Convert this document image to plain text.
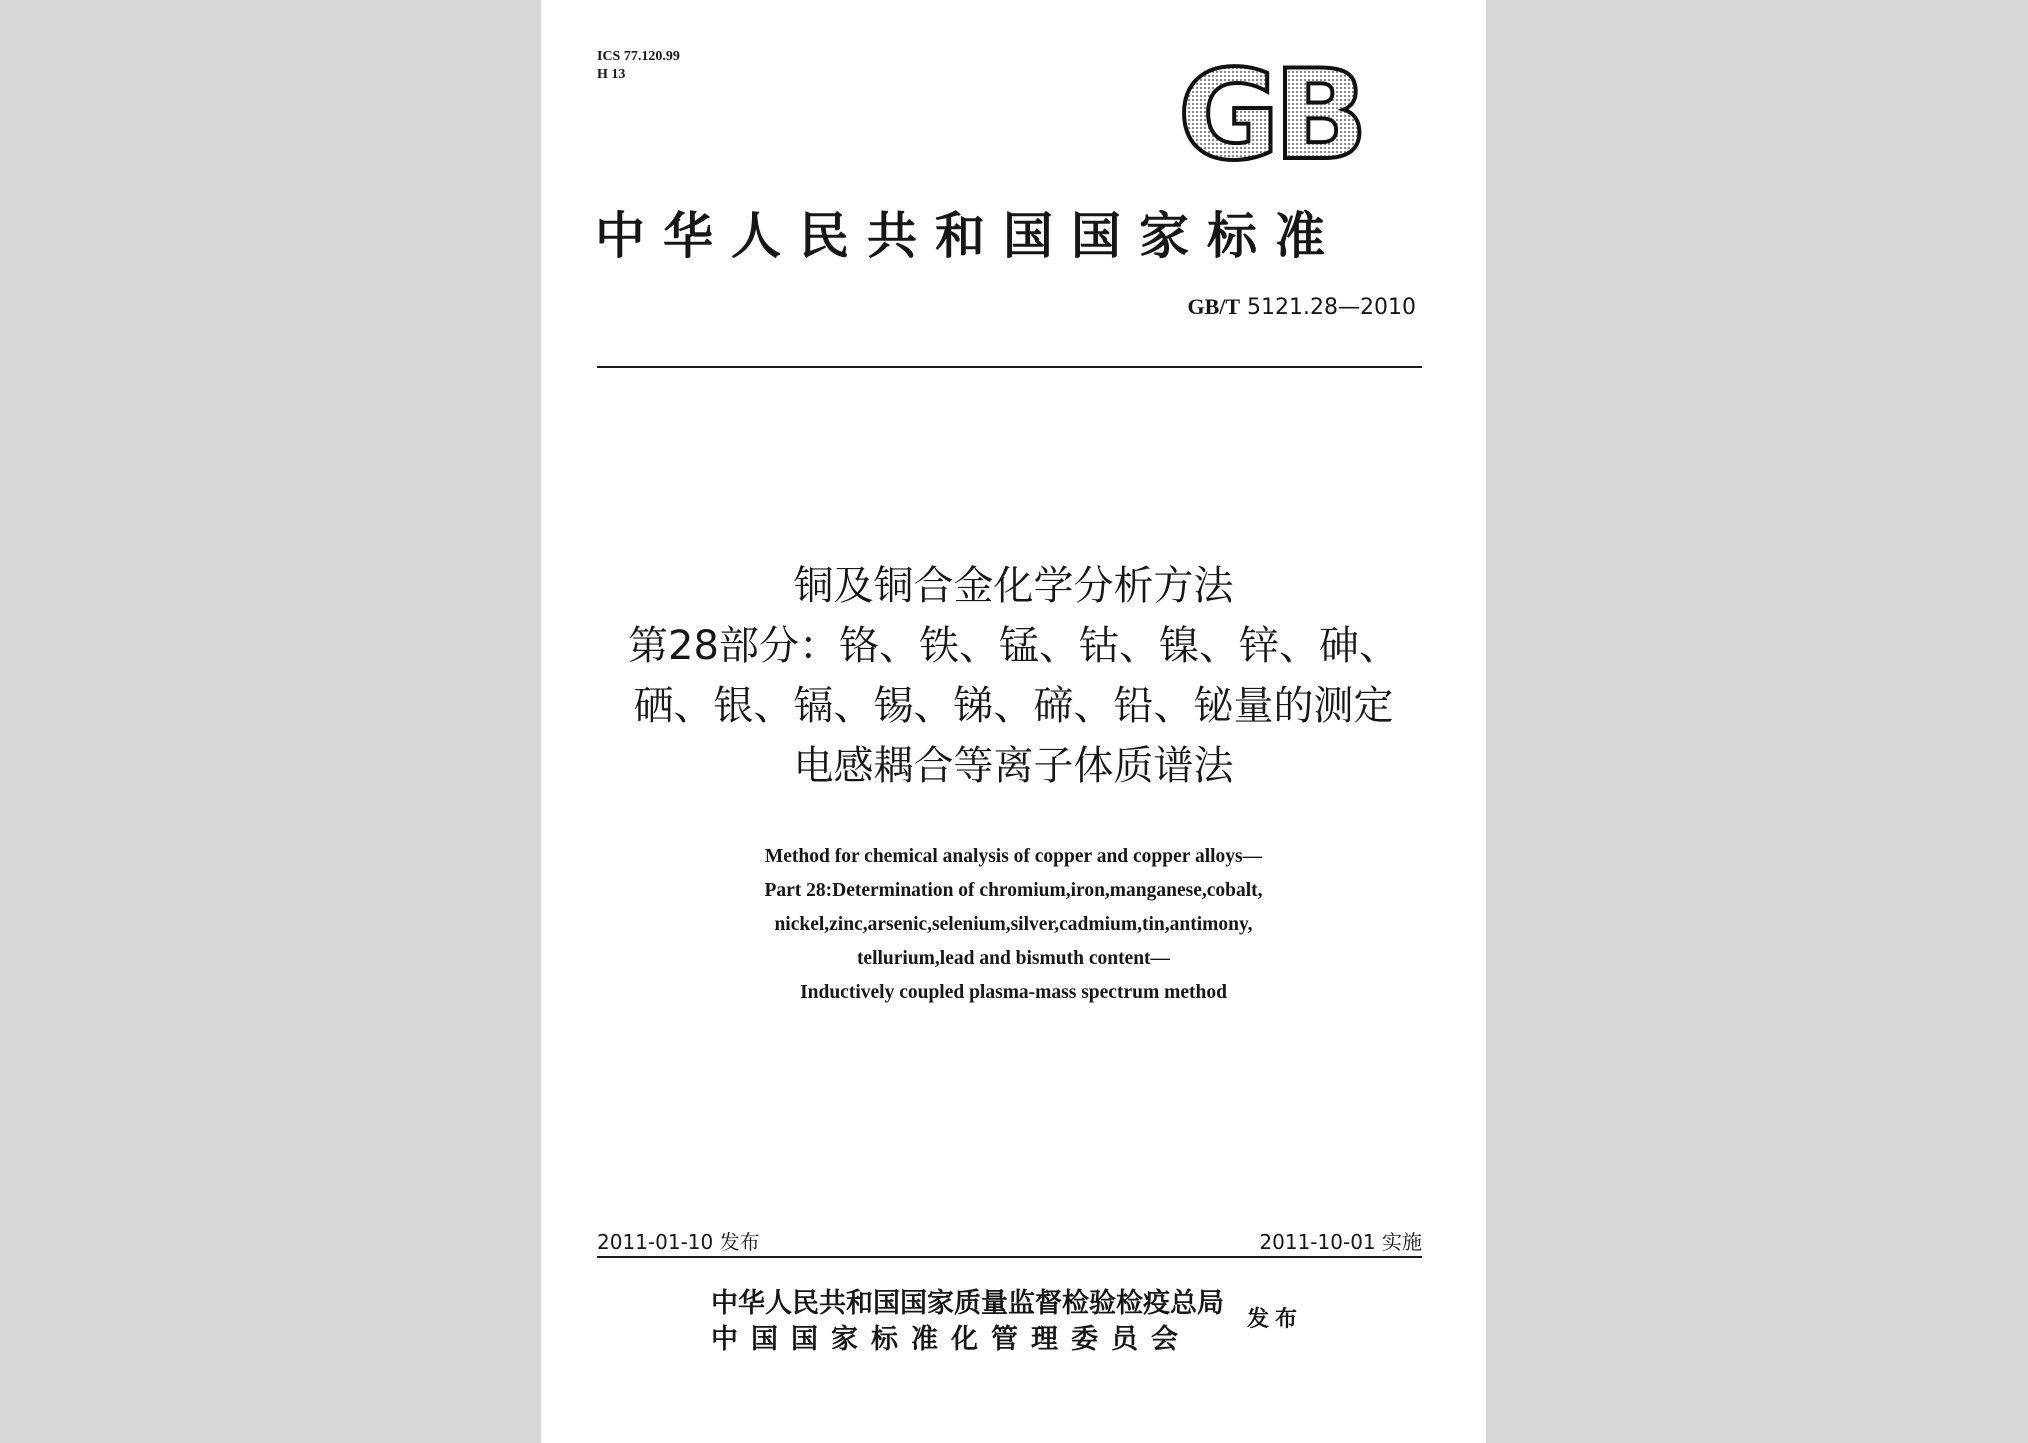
ICS 77.120.99
H 13	GB
中华人民共和国国家标准
GB/T 5121.28—2010
铜及铜合金化学分析方法
第28部分：铬、铁、锰、钴、镍、锌、砷、
硒、银、镉、锡、锑、碲、铅、铋量的测定
电感耦合等离子体质谱法
Method for chemical analysis of copper and copper alloys—
Part 28:Determination of chromium,iron,manganese,cobalt,
nickel,zinc,arsenic,selenium,silver,cadmium,tin,antimony,
tellurium,lead and bismuth content—
Inductively coupled plasma-mass spectrum method
2011-01-10 发布	2011-10-01 实施
中华人民共和国国家质量监督检验检疫总局
中国国家标准化管理委员会
发布
